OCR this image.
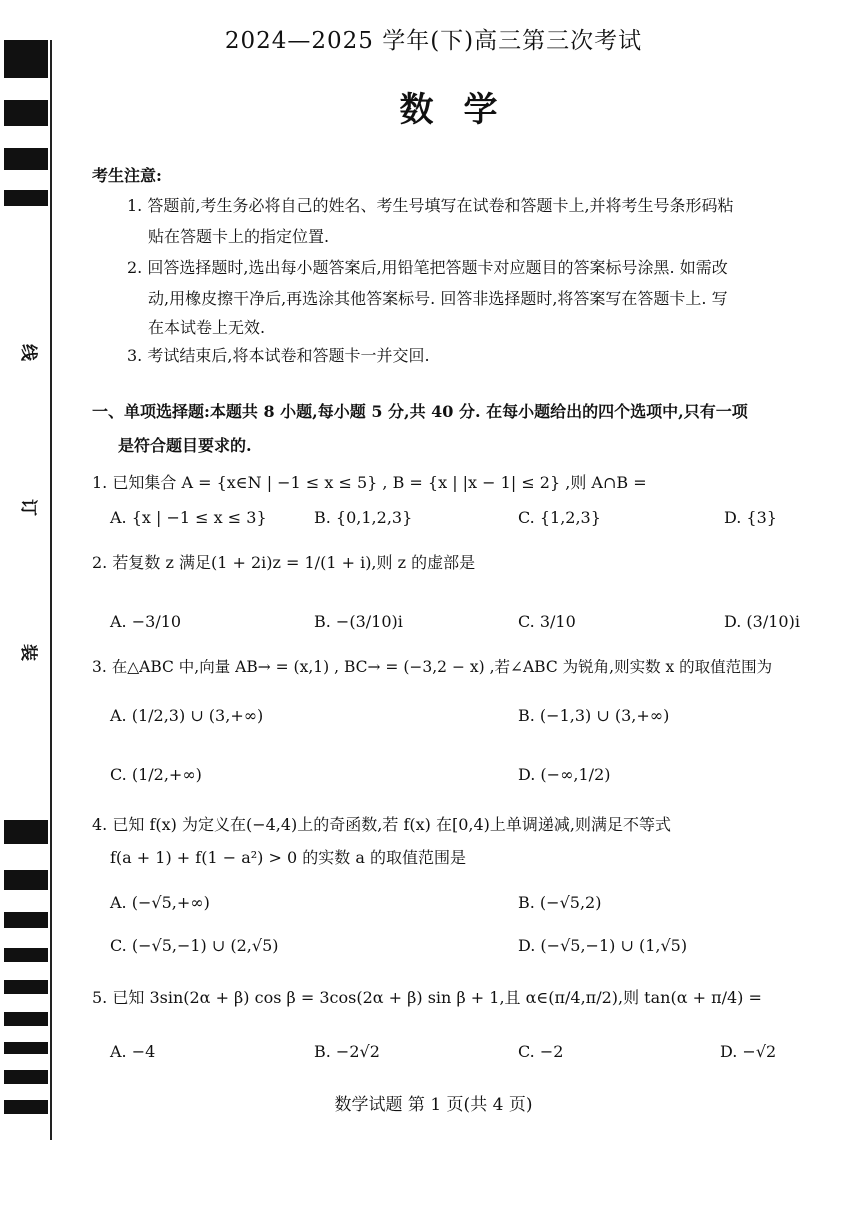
线
订
装
2024—2025 学年(下)高三第三次考试
数学
考生注意:
1. 答题前,考生务必将自己的姓名、考生号填写在试卷和答题卡上,并将考生号条形码粘
贴在答题卡上的指定位置.
2. 回答选择题时,选出每小题答案后,用铅笔把答题卡对应题目的答案标号涂黑. 如需改
动,用橡皮擦干净后,再选涂其他答案标号. 回答非选择题时,将答案写在答题卡上. 写
在本试卷上无效.
3. 考试结束后,将本试卷和答题卡一并交回.
一、单项选择题:本题共 8 小题,每小题 5 分,共 40 分. 在每小题给出的四个选项中,只有一项
是符合题目要求的.
1. 已知集合 A = {x∈N | −1 ≤ x ≤ 5} , B = {x | |x − 1| ≤ 2} ,则 A∩B =
A. {x | −1 ≤ x ≤ 3}	B. {0,1,2,3}	C. {1,2,3}	D. {3}
2. 若复数 z 满足(1 + 2i)z = 1/(1 + i),则 z 的虚部是
A. −3/10	B. −(3/10)i	C. 3/10	D. (3/10)i
3. 在△ABC 中,向量 AB→ = (x,1) , BC→ = (−3,2 − x) ,若∠ABC 为锐角,则实数 x 的取值范围为
A. (1/2,3) ∪ (3,+∞)	B. (−1,3) ∪ (3,+∞)
C. (1/2,+∞)	D. (−∞,1/2)
4. 已知 f(x) 为定义在(−4,4)上的奇函数,若 f(x) 在[0,4)上单调递减,则满足不等式
f(a + 1) + f(1 − a²) > 0 的实数 a 的取值范围是
A. (−√5,+∞)	B. (−√5,2)
C. (−√5,−1) ∪ (2,√5)	D. (−√5,−1) ∪ (1,√5)
5. 已知 3sin(2α + β) cos β = 3cos(2α + β) sin β + 1,且 α∈(π/4,π/2),则 tan(α + π/4) =
A. −4	B. −2√2	C. −2	D. −√2
数学试题 第 1 页(共 4 页)
